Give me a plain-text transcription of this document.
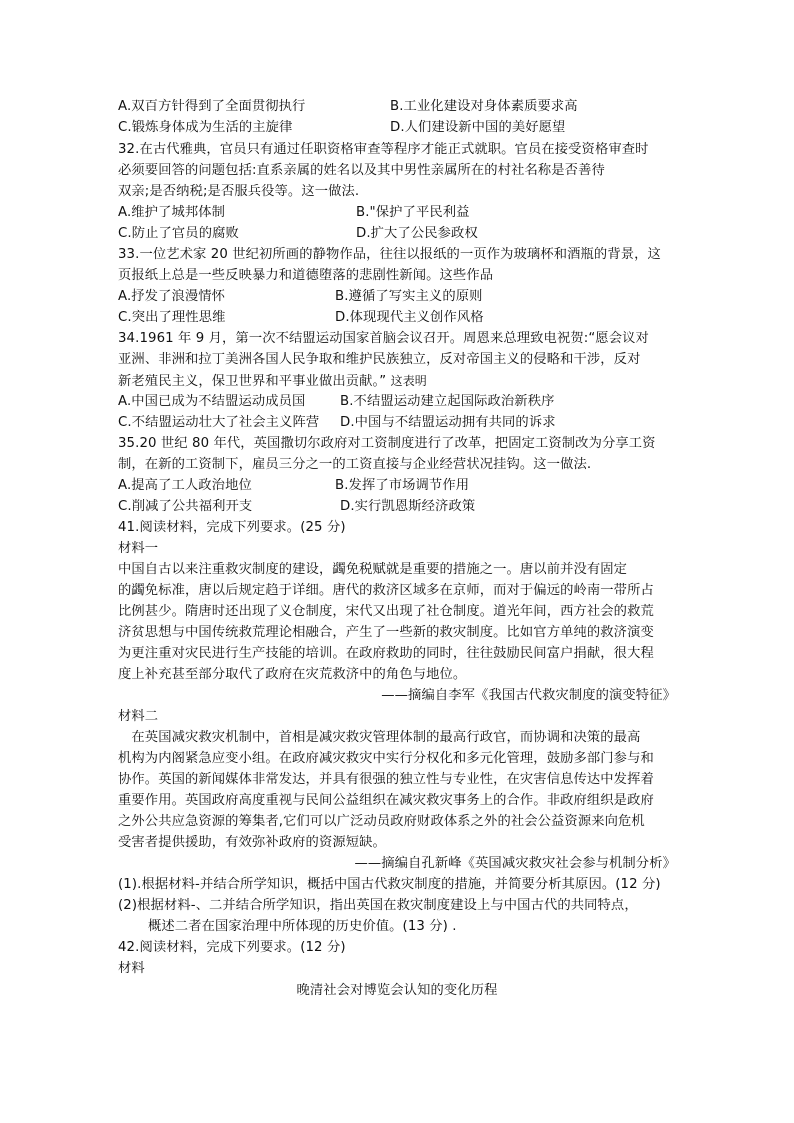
A.双百方针得到了全面贯彻执行	B.工业化建设对身体素质要求高
C.锻炼身体成为生活的主旋律	D.人们建设新中国的美好愿望
32.在古代雅典，官员只有通过任职资格审查等程序才能正式就职。官员在接受资格审查时
必须要回答的问题包括:直系亲属的姓名以及其中男性亲属所在的村社名称是否善待
双亲;是否纳税;是否服兵役等。这一做法.
A.维护了城邦体制	B."保护了平民利益
C.防止了官员的腐败	D.扩大了公民参政权
33.一位艺术家 20 世纪初所画的静物作品，往往以报纸的一页作为玻璃杯和酒瓶的背景，这
页报纸上总是一些反映暴力和道德堕落的悲剧性新闻。这些作品
A.抒发了浪漫情怀	B.遵循了写实主义的原则
C.突出了理性思维	D.体现现代主义创作风格
34.1961 年 9 月，第一次不结盟运动国家首脑会议召开。周恩来总理致电祝贺:“愿会议对
亚洲、非洲和拉丁美洲各国人民争取和维护民族独立，反对帝国主义的侵略和干涉，反对
新老殖民主义，保卫世界和平事业做出贡献。” 这表明
A.中国已成为不结盟运动成员国	B.不结盟运动建立起国际政治新秩序
C.不结盟运动壮大了社会主义阵营 D.中国与不结盟运动拥有共同的诉求
35.20 世纪 80 年代，英国撒切尔政府对工资制度进行了改革，把固定工资制改为分享工资
制，在新的工资制下，雇员三分之一的工资直接与企业经营状况挂钩。这一做法.
A.提高了工人政治地位	B.发挥了市场调节作用
C.削减了公共福利开支	D.实行凯恩斯经济政策
41.阅读材料，完成下列要求。(25 分)
材料一
中国自古以来注重救灾制度的建设，蠲免税赋就是重要的措施之一。唐以前并没有固定
的蠲免标准，唐以后规定趋于详细。唐代的救济区域多在京师，而对于偏远的岭南一带所占
比例甚少。隋唐时还出现了义仓制度，宋代又出现了社仓制度。道光年间，西方社会的救荒
济贫思想与中国传统救荒理论相融合，产生了一些新的救灾制度。比如官方单纯的救济演变
为更注重对灾民进行生产技能的培训。在政府救助的同时，往往鼓励民间富户捐献，很大程
度上补充甚至部分取代了政府在灾荒救济中的角色与地位。
——摘编自李军《我国古代救灾制度的演变特征》
材料二
　在英国减灾救灾机制中，首相是减灾救灾管理体制的最高行政官，而协调和决策的最高
机构为内阁紧急应变小组。在政府减灾救灾中实行分权化和多元化管理，鼓励多部门参与和
协作。英国的新闻媒体非常发达，并具有很强的独立性与专业性，在灾害信息传达中发挥着
重要作用。英国政府高度重视与民间公益组织在减灾救灾事务上的合作。非政府组织是政府
之外公共应急资源的筹集者,它们可以广泛动员政府财政体系之外的社会公益资源来向危机
受害者提供援助，有效弥补政府的资源短缺。
——摘编自孔新峰《英国减灾救灾社会参与机制分析》
(1).根据材料-并结合所学知识，概括中国古代救灾制度的措施，并简要分析其原因。(12 分)
(2)根据材料-、二并结合所学知识，指出英国在救灾制度建设上与中国古代的共同特点，
概述二者在国家治理中所体现的历史价值。(13 分) .
42.阅读材料，完成下列要求。(12 分)
材料
晚清社会对博览会认知的变化历程
